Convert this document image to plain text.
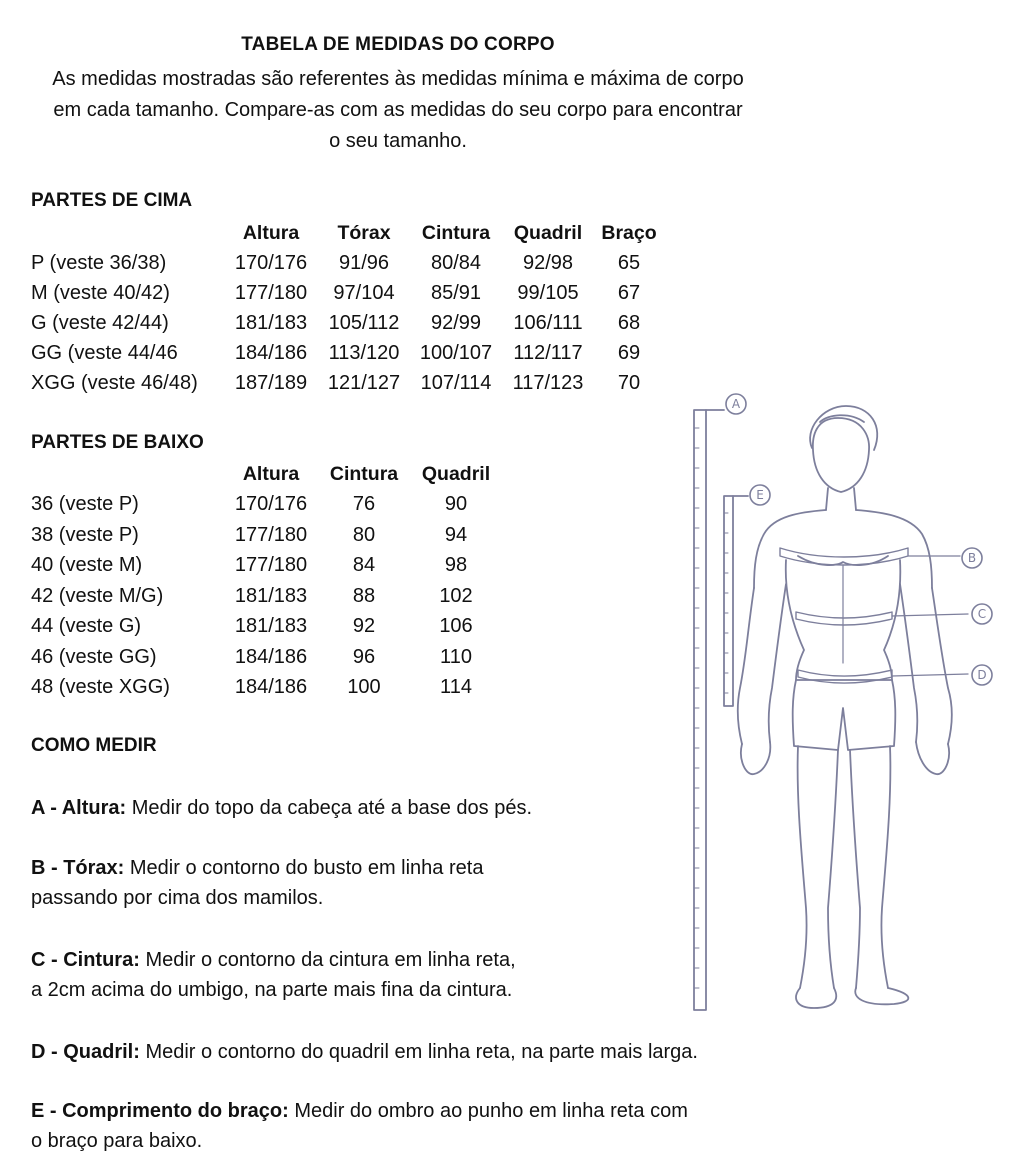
TABELA DE MEDIDAS DO CORPO
As medidas mostradas são referentes às medidas mínima e máxima de corpo
em cada tamanho. Compare-as com as medidas do seu corpo para encontrar
o seu tamanho.
PARTES DE CIMA
Altura Tórax Cintura Quadril Braço
P (veste 36/38)	170/176 91/96 80/84 92/98 65
M (veste 40/42)	177/180 97/104 85/91 99/105 67
G (veste 42/44)	181/183 105/112 92/99 106/111 68
GG (veste 44/46	184/186 113/120 100/107 112/117 69
XGG (veste 46/48) 187/189 121/127 107/114 117/123 70
PARTES DE BAIXO
Altura Cintura Quadril
36 (veste P)	170/176 76	90
38 (veste P)	177/180 80	94
40 (veste M)	177/180 84	98
42 (veste M/G)	181/183 88	102
44 (veste G)	181/183 92	106
46 (veste GG)	184/186 96	110
48 (veste XGG)	184/186 100	114
COMO MEDIR
A - Altura: Medir do topo da cabeça até a base dos pés.
B - Tórax: Medir o contorno do busto em linha reta
passando por cima dos mamilos.
C - Cintura: Medir o contorno da cintura em linha reta,
a 2cm acima do umbigo, na parte mais fina da cintura.
D - Quadril: Medir o contorno do quadril em linha reta, na parte mais larga.
E - Comprimento do braço: Medir do ombro ao punho em linha reta com
o braço para baixo.
A
E
B
C
D
